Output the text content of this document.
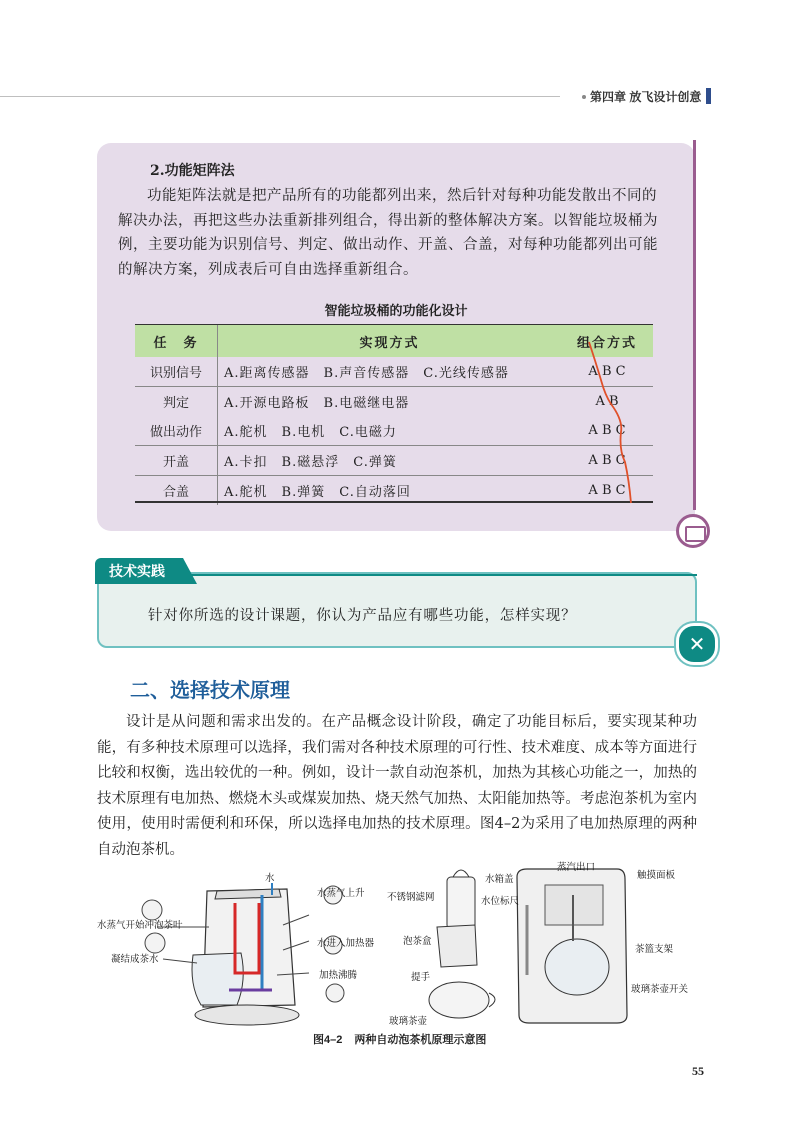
第四章 放飞设计创意
2.功能矩阵法
功能矩阵法就是把产品所有的功能都列出来，然后针对每种功能发散出不同的解决办法，再把这些办法重新排列组合，得出新的整体解决方案。以智能垃圾桶为例，主要功能为识别信号、判定、做出动作、开盖、合盖，对每种功能都列出可能的解决方案，列成表后可自由选择重新组合。
智能垃圾桶的功能化设计
任　务	实现方式	组合方式
识别信号	A.距离传感器 B.声音传感器 C.光线传感器	A B C
判定	A.开源电路板 B.电磁继电器	A B
做出动作	A.舵机 B.电机 C.电磁力	A B C
开盖	A.卡扣 B.磁悬浮 C.弹簧	A B C
合盖	A.舵机 B.弹簧 C.自动落回	A B C
技术实践
针对你所选的设计课题，你认为产品应有哪些功能，怎样实现？
✕
二、选择技术原理
设计是从问题和需求出发的。在产品概念设计阶段，确定了功能目标后，要实现某种功能，有多种技术原理可以选择，我们需对各种技术原理的可行性、技术难度、成本等方面进行比较和权衡，选出较优的一种。例如，设计一款自动泡茶机，加热为其核心功能之一，加热的技术原理有电加热、燃烧木头或煤炭加热、烧天然气加热、太阳能加热等。考虑泡茶机为室内使用，使用时需便利和环保，所以选择电加热的技术原理。图4–2为采用了电加热原理的两种自动泡茶机。
水
水蒸气上升
水蒸气开始冲泡茶叶
水进入加热器
凝结成茶水
加热沸腾
不锈钢滤网
水箱盖
蒸汽出口
触摸面板
水位标尺
泡茶盒
提手
玻璃茶壶
茶篮支架
玻璃茶壶开关
图4–2 两种自动泡茶机原理示意图
55
